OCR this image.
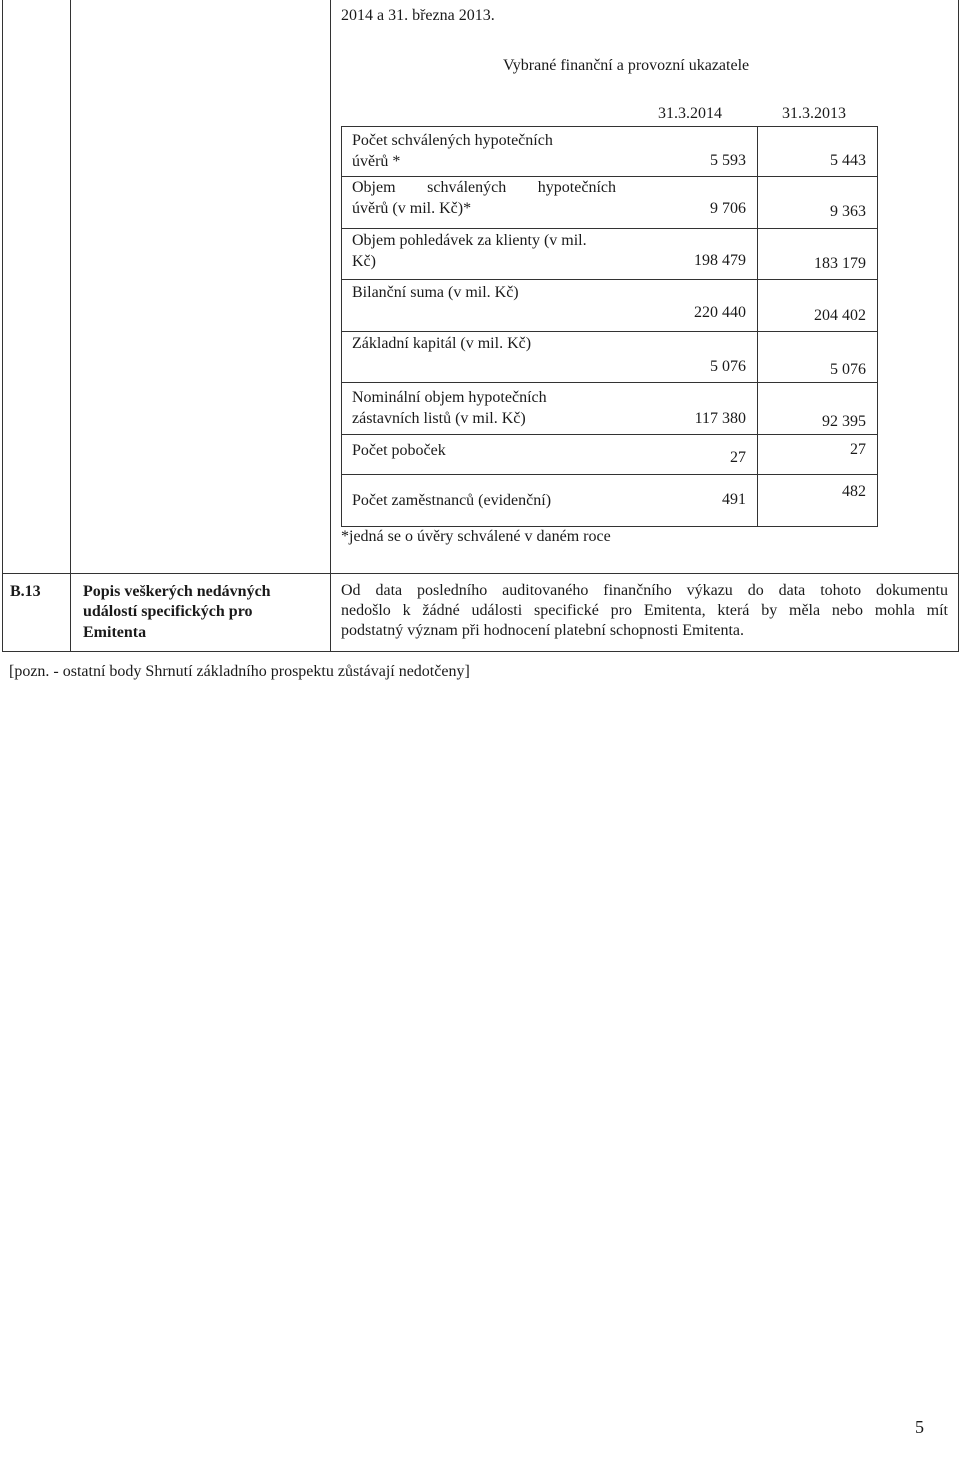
2014 a 31. března 2013.
Vybrané finanční a provozní ukazatele
31.3.2014	31.3.2013
Počet schválených hypotečních
úvěrů *	5 593	5 443
Objem schválených hypotečních
úvěrů (v mil. Kč)*	9 706	9 363
Objem pohledávek za klienty (v mil.
Kč)	198 479	183 179
Bilanční suma (v mil. Kč)
220 440	204 402
Základní kapitál (v mil. Kč)
5 076	5 076
Nominální objem hypotečních
zástavních listů (v mil. Kč)	117 380	92 395
Počet poboček	27	27
Počet zaměstnanců (evidenční)	491	482
*jedná se o úvěry schválené v daném roce
B.13	Popis veškerých nedávných
událostí specifických pro
Emitenta
Od data posledního auditovaného finančního výkazu do data tohoto dokumentu
nedošlo k žádné události specifické pro Emitenta, která by měla nebo mohla mít
podstatný význam při hodnocení platební schopnosti Emitenta.
[pozn. - ostatní body Shrnutí základního prospektu zůstávají nedotčeny]
5
